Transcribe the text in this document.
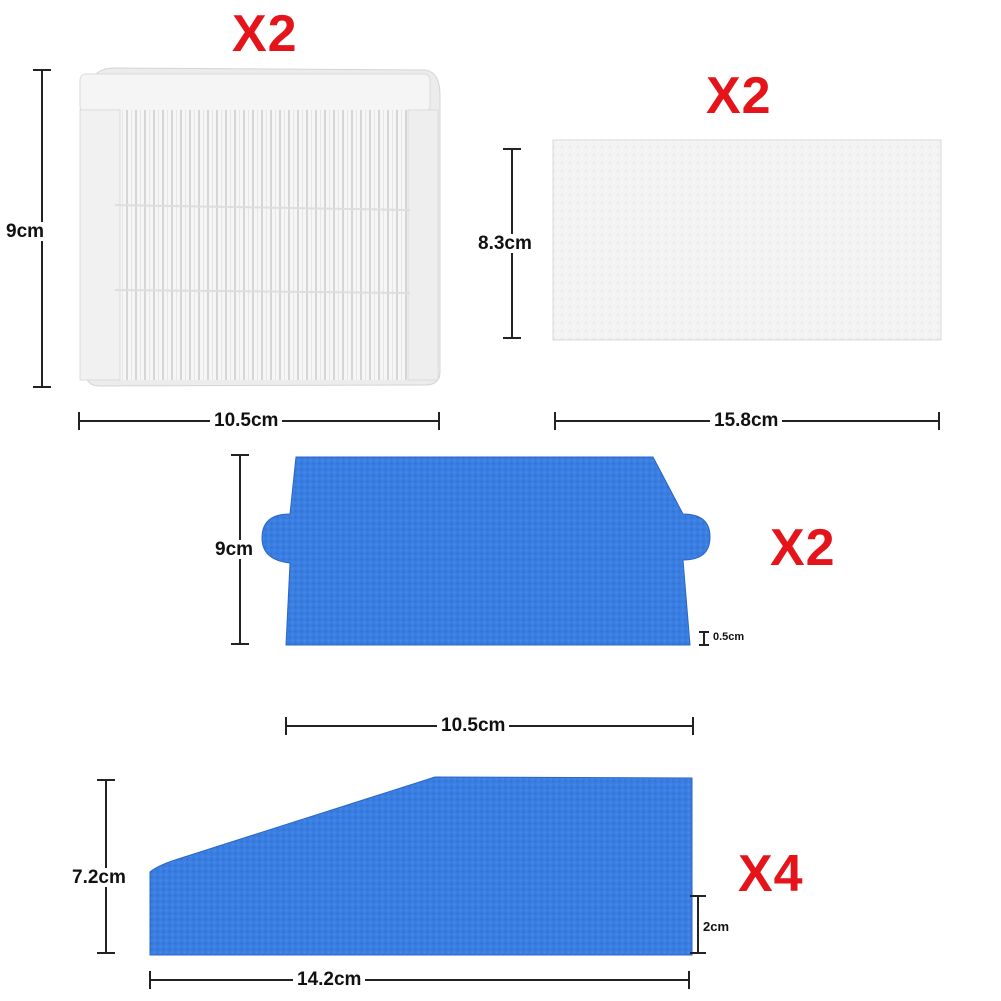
X2
9cm
10.5cm
X2
8.3cm
15.8cm
X2
9cm
0.5cm
10.5cm
X4
7.2cm
2cm
14.2cm
